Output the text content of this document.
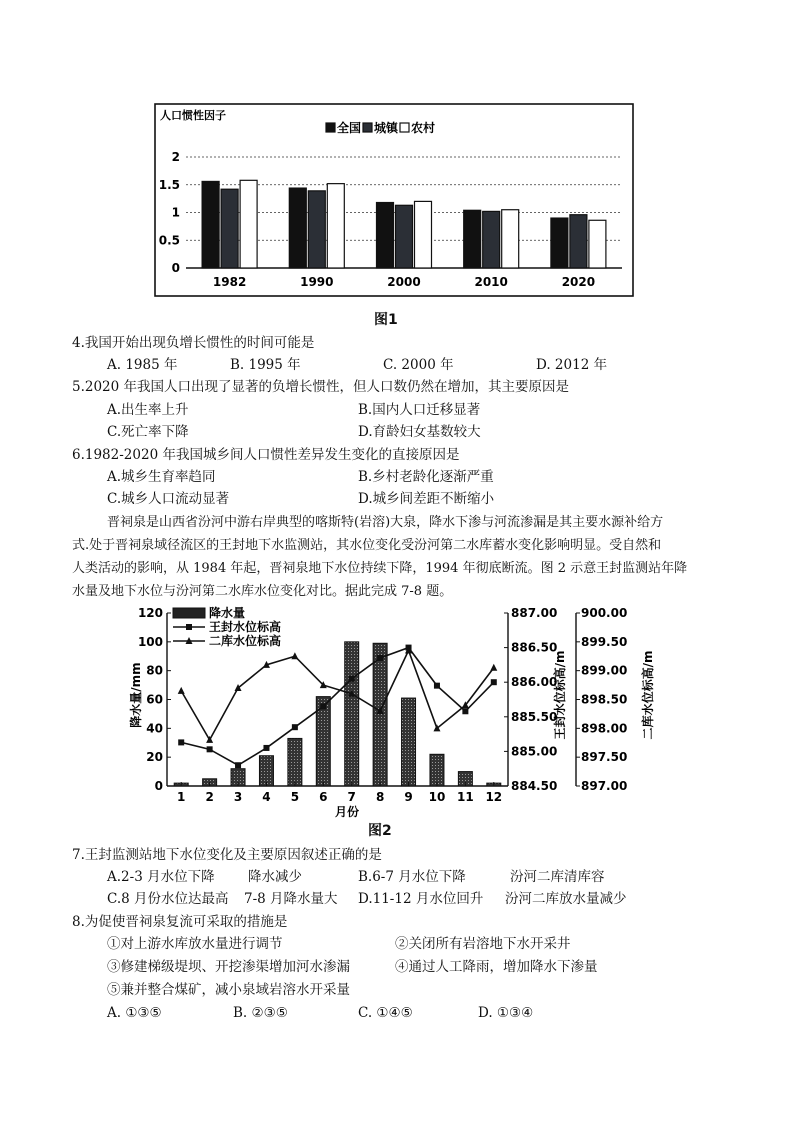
人口惯性因子
全国 城镇 农村
0
0.5
1
1.5
2
1982	1990	2000	2010	2020
图1
4.我国开始出现负增长惯性的时间可能是
A. 1985 年	B. 1995 年	C. 2000 年	D. 2012 年
5.2020 年我国人口出现了显著的负增长惯性，但人口数仍然在增加，其主要原因是
A.出生率上升	B.国内人口迁移显著
C.死亡率下降	D.育龄妇女基数较大
6.1982-2020 年我国城乡间人口惯性差异发生变化的直接原因是
A.城乡生育率趋同	B.乡村老龄化逐渐严重
C.城乡人口流动显著	D.城乡间差距不断缩小
晋祠泉是山西省汾河中游右岸典型的喀斯特(岩溶)大泉，降水下渗与河流渗漏是其主要水源补给方
式.处于晋祠泉域径流区的王封地下水监测站，其水位变化受汾河第二水库蓄水变化影响明显。受自然和
人类活动的影响，从 1984 年起，晋祠泉地下水位持续下降，1994 年彻底断流。图 2 示意王封监测站年降
水量及地下水位与汾河第二水库水位变化对比。据此完成 7-8 题。
降水量
王封水位标高
二库水位标高
0
20
40
60
80
100
120
884.50
885.00
885.50
886.00
886.50
887.00
897.00
897.50
898.00
898.50
899.00
899.50
900.00
1 2 3 4 5 6 7 8 9 10 11 12
月份
降水量/mm	王封水位标高/m	二库水位标高/m
图2
7.王封监测站地下水位变化及主要原因叙述正确的是
A.2-3 月水位下降 降水减少	B.6-7 月水位下降	汾河二库清库容
C.8 月份水位达最高 7-8 月降水量大 D.11-12 月水位回升 汾河二库放水量减少
8.为促使晋祠泉复流可采取的措施是
①对上游水库放水量进行调节	②关闭所有岩溶地下水开采井
③修建梯级堤坝、开挖渗渠增加河水渗漏	④通过人工降雨，增加降水下渗量
⑤兼并整合煤矿，减小泉域岩溶水开采量
A. ①③⑤	B. ②③⑤	C. ①④⑤	D. ①③④
